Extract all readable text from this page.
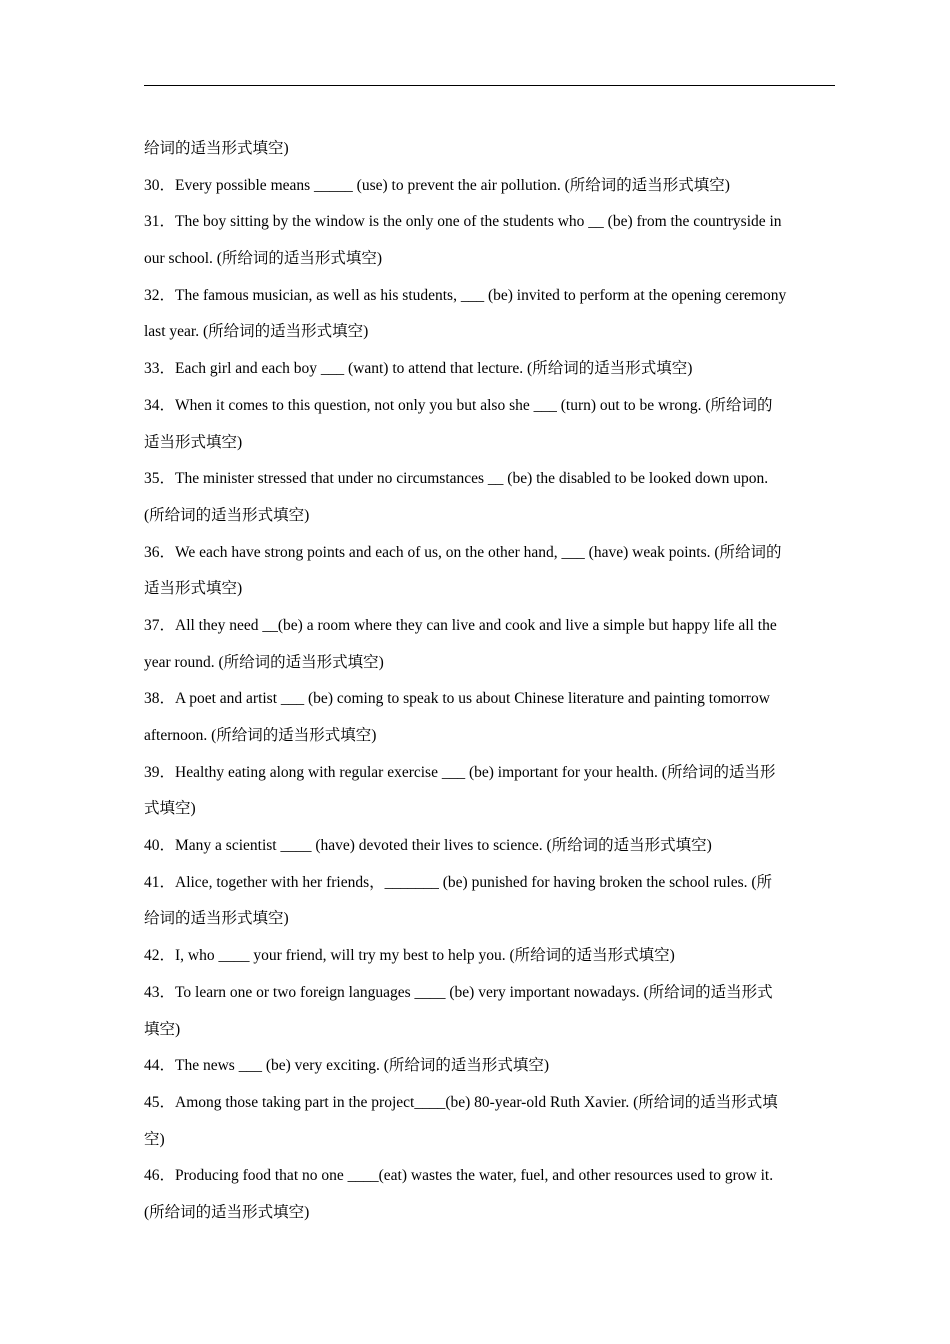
给词的适当形式填空)
30．Every possible means _____ (use) to prevent the air pollution. (所给词的适当形式填空)
31．The boy sitting by the window is the only one of the students who __ (be) from the countryside in
our school. (所给词的适当形式填空)
32．The famous musician, as well as his students, ___ (be) invited to perform at the opening ceremony
last year. (所给词的适当形式填空)
33．Each girl and each boy ___ (want) to attend that lecture. (所给词的适当形式填空)
34．When it comes to this question, not only you but also she ___ (turn) out to be wrong. (所给词的
适当形式填空)
35．The minister stressed that under no circumstances __ (be) the disabled to be looked down upon.
(所给词的适当形式填空)
36．We each have strong points and each of us, on the other hand, ___ (have) weak points. (所给词的
适当形式填空)
37．All they need __(be) a room where they can live and cook and live a simple but happy life all the
year round. (所给词的适当形式填空)
38．A poet and artist ___ (be) coming to speak to us about Chinese literature and painting tomorrow
afternoon. (所给词的适当形式填空)
39．Healthy eating along with regular exercise ___ (be) important for your health. (所给词的适当形
式填空)
40．Many a scientist ____ (have) devoted their lives to science. (所给词的适当形式填空)
41．Alice, together with her friends，_______ (be) punished for having broken the school rules. (所
给词的适当形式填空)
42．I, who ____ your friend, will try my best to help you. (所给词的适当形式填空)
43．To learn one or two foreign languages ____ (be) very important nowadays. (所给词的适当形式
填空)
44．The news ___ (be) very exciting. (所给词的适当形式填空)
45．Among those taking part in the project____(be) 80-year-old Ruth Xavier. (所给词的适当形式填
空)
46．Producing food that no one ____(eat) wastes the water, fuel, and other resources used to grow it.
(所给词的适当形式填空)
